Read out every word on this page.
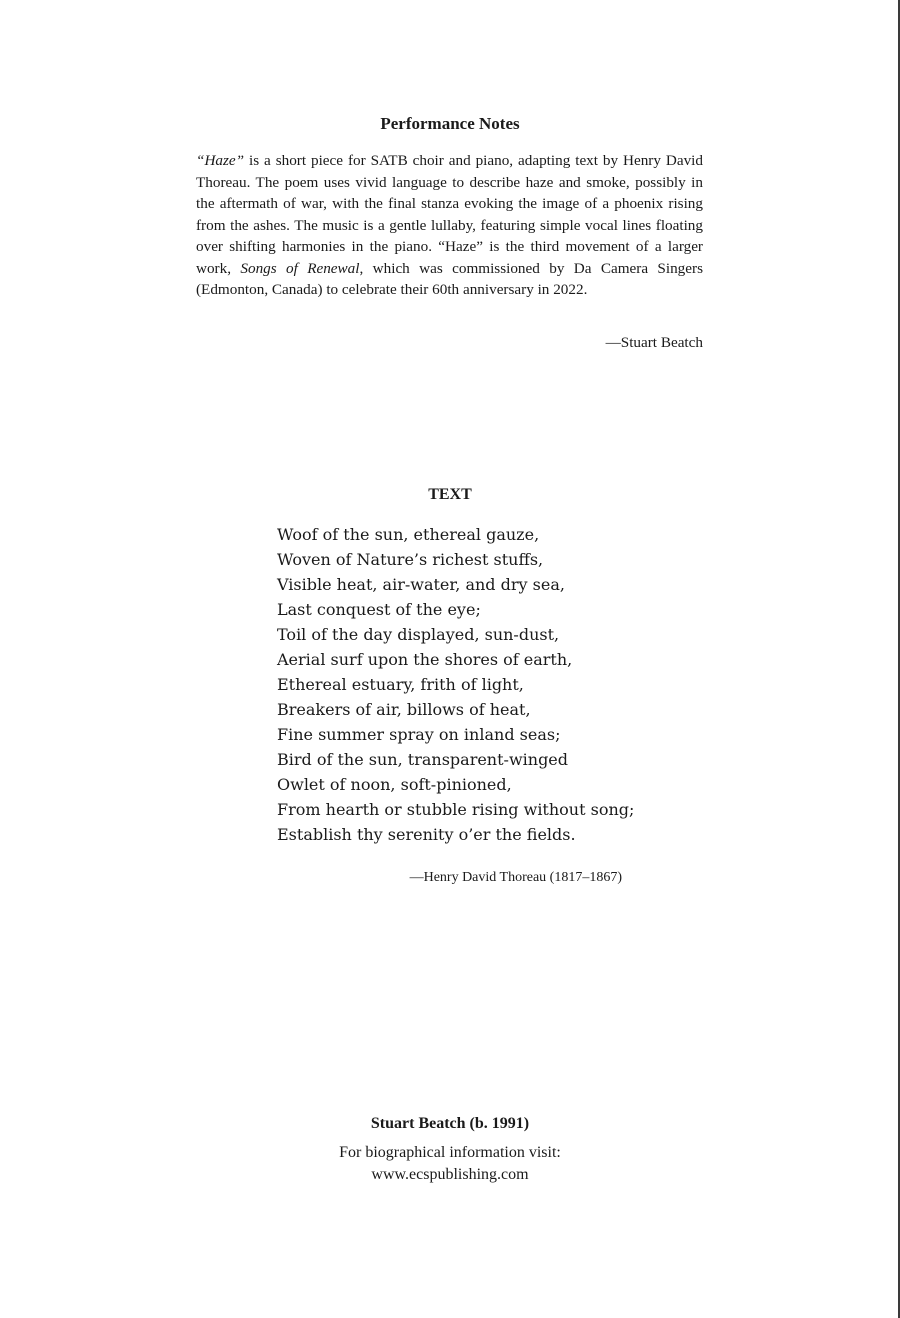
Performance Notes

“Haze” is a short piece for SATB choir and piano, adapting text by Henry David Thoreau. The poem uses vivid language to describe haze and smoke, possibly in the aftermath of war, with the final stanza evoking the image of a phoenix rising from the ashes. The music is a gentle lullaby, featuring simple vocal lines floating over shifting harmonies in the piano. “Haze” is the third movement of a larger work, Songs of Renewal, which was commissioned by Da Camera Singers (Edmonton, Canada) to celebrate their 60th anniversary in 2022.

—Stuart Beatch

TEXT
Woof of the sun, ethereal gauze,
Woven of Nature’s richest stuffs,
Visible heat, air-water, and dry sea,
Last conquest of the eye;
Toil of the day displayed, sun-dust,
Aerial surf upon the shores of earth,
Ethereal estuary, frith of light,
Breakers of air, billows of heat,
Fine summer spray on inland seas;
Bird of the sun, transparent-winged
Owlet of noon, soft-pinioned,
From hearth or stubble rising without song;
Establish thy serenity o’er the fields.

—Henry David Thoreau (1817–1867)

Stuart Beatch (b. 1991)

For biographical information visit:

www.ecspublishing.com
